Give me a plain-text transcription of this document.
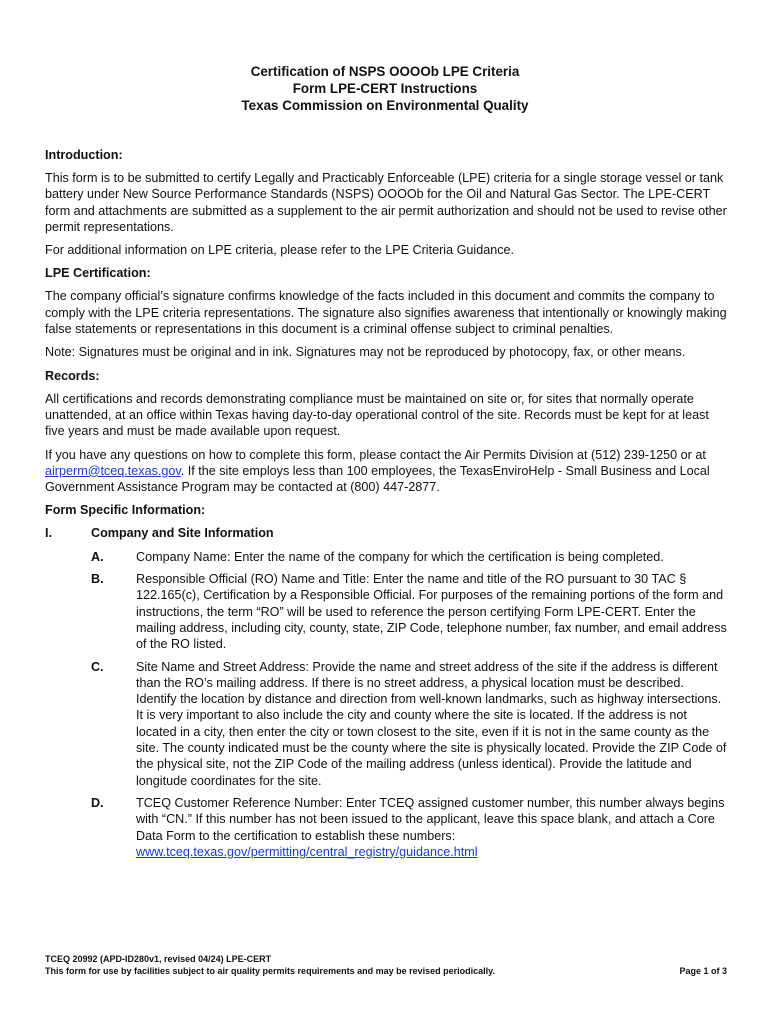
Certification of NSPS OOOOb LPE Criteria
Form LPE-CERT Instructions
Texas Commission on Environmental Quality
Introduction:

This form is to be submitted to certify Legally and Practicably Enforceable (LPE) criteria for a single storage vessel or tank battery under New Source Performance Standards (NSPS) OOOOb for the Oil and Natural Gas Sector. The LPE-CERT form and attachments are submitted as a supplement to the air permit authorization and should not be used to revise other permit representations.

For additional information on LPE criteria, please refer to the LPE Criteria Guidance.

LPE Certification:

The company official’s signature confirms knowledge of the facts included in this document and commits the company to comply with the LPE criteria representations. The signature also signifies awareness that intentionally or knowingly making false statements or representations in this document is a criminal offense subject to criminal penalties.

Note: Signatures must be original and in ink. Signatures may not be reproduced by photocopy, fax, or other means.

Records:

All certifications and records demonstrating compliance must be maintained on site or, for sites that normally operate unattended, at an office within Texas having day-to-day operational control of the site. Records must be kept for at least five years and must be made available upon request.

If you have any questions on how to complete this form, please contact the Air Permits Division at (512) 239-1250 or at airperm@tceq.texas.gov. If the site employs less than 100 employees, the TexasEnviroHelp - Small Business and Local Government Assistance Program may be contacted at (800) 447-2877.

Form Specific Information:
I.	Company and Site Information
A.	Company Name: Enter the name of the company for which the certification is being completed.
B.	Responsible Official (RO) Name and Title: Enter the name and title of the RO pursuant to 30 TAC § 122.165(c), Certification by a Responsible Official. For purposes of the remaining portions of the form and instructions, the term “RO” will be used to reference the person certifying Form LPE-CERT. Enter the mailing address, including city, county, state, ZIP Code, telephone number, fax number, and email address of the RO listed.
C.	Site Name and Street Address: Provide the name and street address of the site if the address is different than the RO’s mailing address. If there is no street address, a physical location must be described. Identify the location by distance and direction from well-known landmarks, such as highway intersections. It is very important to also include the city and county where the site is located. If the address is not located in a city, then enter the city or town closest to the site, even if it is not in the same county as the site. The county indicated must be the county where the site is physically located. Provide the ZIP Code of the physical site, not the ZIP Code of the mailing address (unless identical). Provide the latitude and longitude coordinates for the site.
D.	TCEQ Customer Reference Number: Enter TCEQ assigned customer number, this number always begins with “CN.” If this number has not been issued to the applicant, leave this space blank, and attach a Core Data Form to the certification to establish these numbers:
www.tceq.texas.gov/permitting/central_registry/guidance.html
TCEQ 20992 (APD-ID280v1, revised 04/24) LPE-CERT
This form for use by facilities subject to air quality permits requirements and may be revised periodically.	Page 1 of 3
